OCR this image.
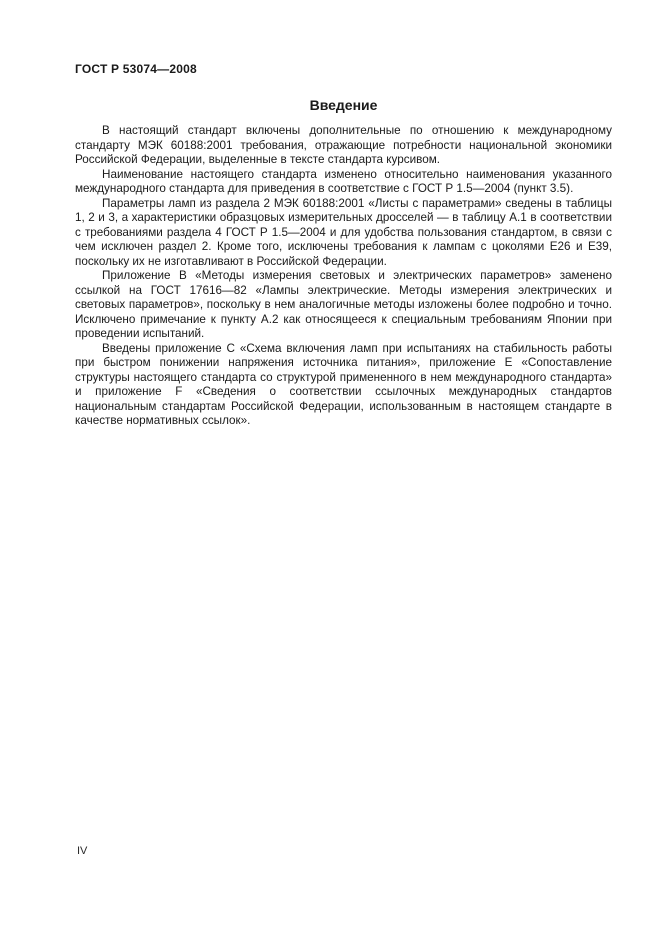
ГОСТ Р 53074—2008
Введение

В настоящий стандарт включены дополнительные по отношению к международному стандарту МЭК 60188:2001 требования, отражающие потребности национальной экономики Российской Федерации, выделенные в тексте стандарта курсивом.

Наименование настоящего стандарта изменено относительно наименования указанного международного стандарта для приведения в соответствие с ГОСТ Р 1.5—2004 (пункт 3.5).

Параметры ламп из раздела 2 МЭК 60188:2001 «Листы с параметрами» сведены в таблицы 1, 2 и 3, а характеристики образцовых измерительных дросселей — в таблицу А.1 в соответствии с требованиями раздела 4 ГОСТ Р 1.5—2004 и для удобства пользования стандартом, в связи с чем исключен раздел 2. Кроме того, исключены требования к лампам с цоколями Е26 и Е39, поскольку их не изготавливают в Российской Федерации.

Приложение В «Методы измерения световых и электрических параметров» заменено ссылкой на ГОСТ 17616—82 «Лампы электрические. Методы измерения электрических и световых параметров», поскольку в нем аналогичные методы изложены более подробно и точно. Исключено примечание к пункту А.2 как относящееся к специальным требованиям Японии при проведении испытаний.

Введены приложение С «Схема включения ламп при испытаниях на стабильность работы при быстром понижении напряжения источника питания», приложение Е «Сопоставление структуры настоящего стандарта со структурой примененного в нем международного стандарта» и приложение F «Сведения о соответствии ссылочных международных стандартов национальным стандартам Российской Федерации, использованным в настоящем стандарте в качестве нормативных ссылок».

IV
